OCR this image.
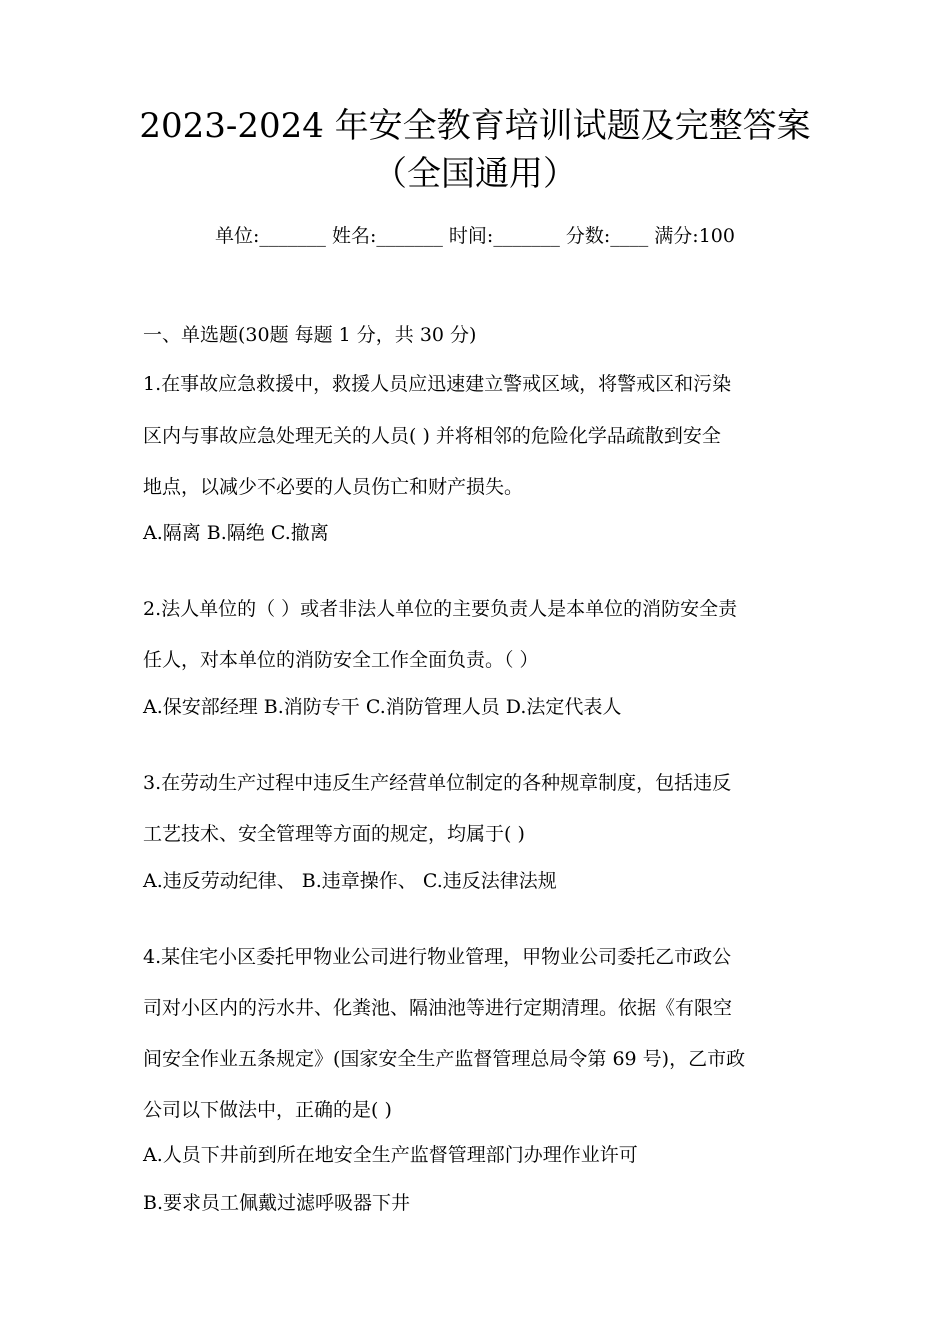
2023-2024 年安全教育培训试题及完整答案
（全国通用）
单位:_______ 姓名:_______ 时间:_______ 分数:____ 满分:100
一、单选题(30题 每题 1 分，共 30 分)
1.在事故应急救援中，救援人员应迅速建立警戒区域，将警戒区和污染
区内与事故应急处理无关的人员( ) 并将相邻的危险化学品疏散到安全
地点，以减少不必要的人员伤亡和财产损失。
A.隔离 B.隔绝 C.撤离
2.法人单位的（ ）或者非法人单位的主要负责人是本单位的消防安全责
任人，对本单位的消防安全工作全面负责。（ ）
A.保安部经理 B.消防专干 C.消防管理人员 D.法定代表人
3.在劳动生产过程中违反生产经营单位制定的各种规章制度，包括违反
工艺技术、安全管理等方面的规定，均属于( )
A.违反劳动纪律、 B.违章操作、 C.违反法律法规
4.某住宅小区委托甲物业公司进行物业管理，甲物业公司委托乙市政公
司对小区内的污水井、化粪池、隔油池等进行定期清理。依据《有限空
间安全作业五条规定》(国家安全生产监督管理总局令第 69 号)，乙市政
公司以下做法中，正确的是( )
A.人员下井前到所在地安全生产监督管理部门办理作业许可
B.要求员工佩戴过滤呼吸器下井
